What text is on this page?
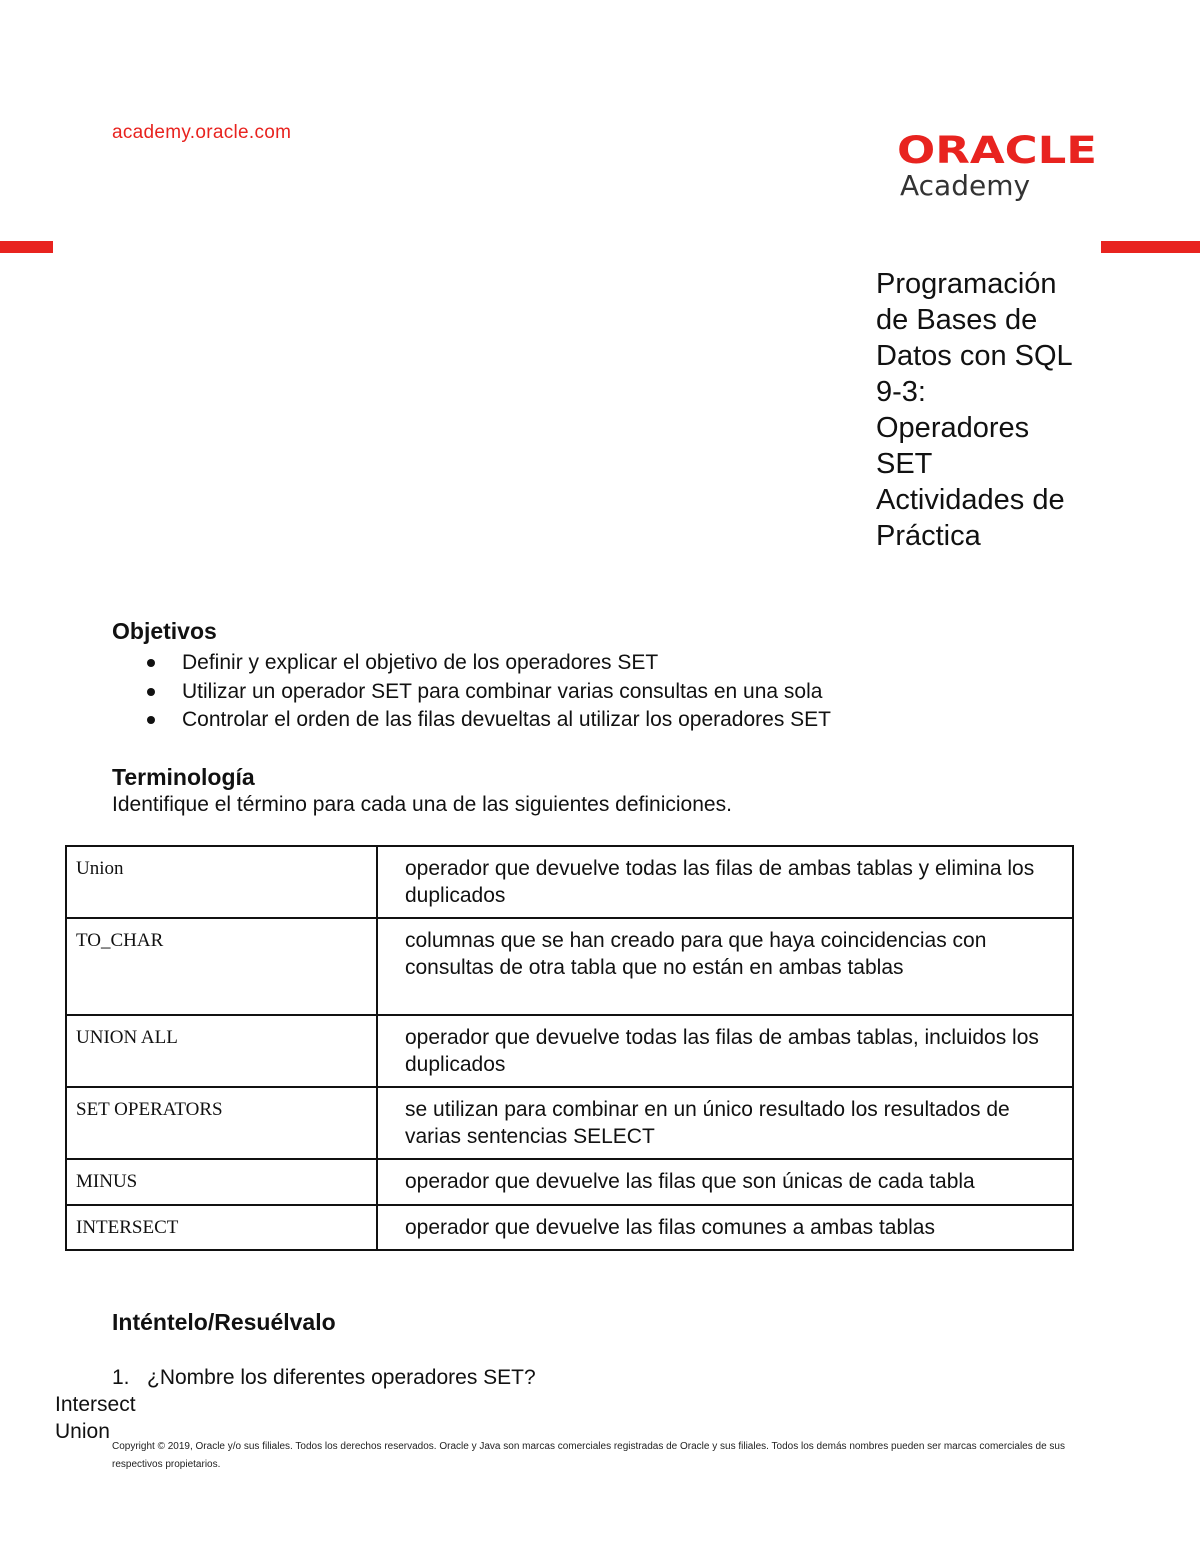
academy.oracle.com	ORACLE
Academy
Programación
de Bases de
Datos con SQL
9-3:
Operadores
SET
Actividades de
Práctica
Objetivos
Definir y explicar el objetivo de los operadores SET
Utilizar un operador SET para combinar varias consultas en una sola
Controlar el orden de las filas devueltas al utilizar los operadores SET
Terminología
Identifique el término para cada una de las siguientes definiciones.
Union	operador que devuelve todas las filas de ambas tablas y elimina los duplicados
TO_CHAR	columnas que se han creado para que haya coincidencias con consultas de otra tabla que no están en ambas tablas
UNION ALL	operador que devuelve todas las filas de ambas tablas, incluidos los duplicados
SET OPERATORS	se utilizan para combinar en un único resultado los resultados de varias sentencias SELECT
MINUS	operador que devuelve las filas que son únicas de cada tabla
INTERSECT	operador que devuelve las filas comunes a ambas tablas
Inténtelo/Resuélvalo
1. ¿Nombre los diferentes operadores SET?
Intersect
Union
Copyright © 2019, Oracle y/o sus filiales. Todos los derechos reservados. Oracle y Java son marcas comerciales registradas de Oracle y sus filiales. Todos los demás nombres pueden ser marcas comerciales de sus respectivos propietarios.
